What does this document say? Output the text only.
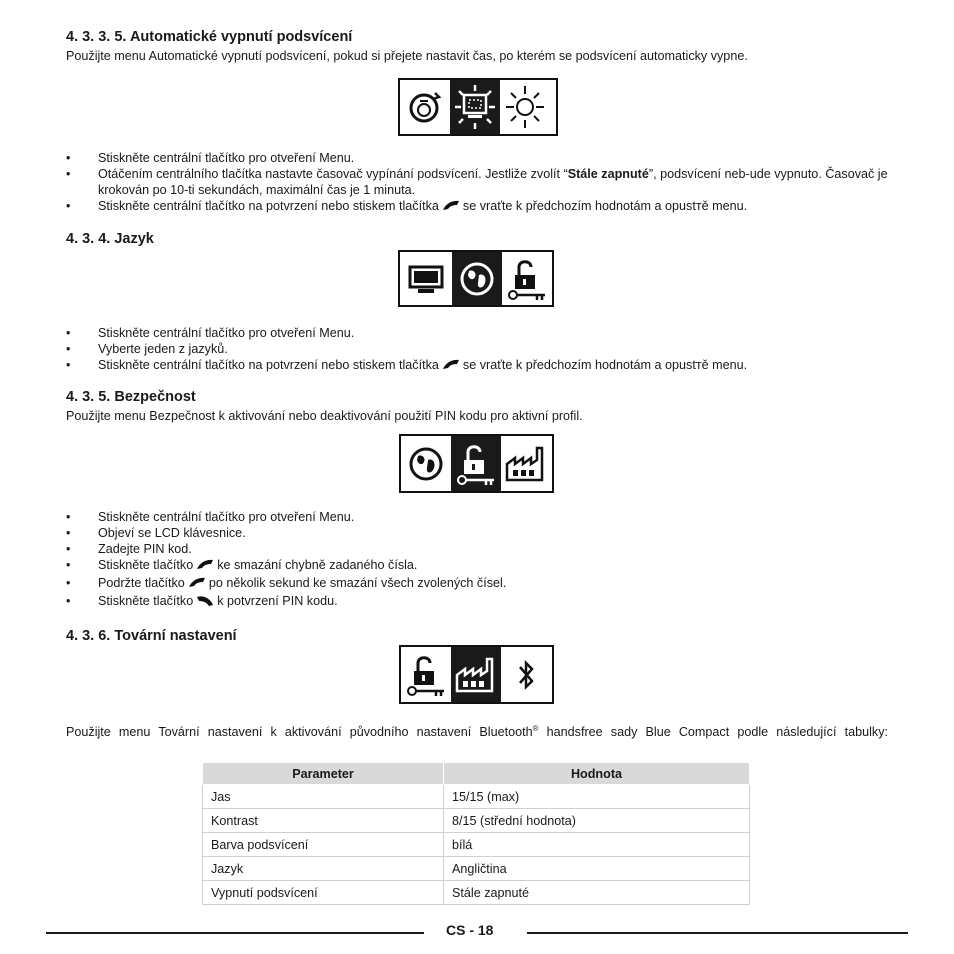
4. 3. 3. 5. Automatické vypnutí podsvícení

Použijte menu Automatické vypnutí podsvícení, pokud si přejete nastavit čas, po kterém se podsvícení automaticky vypne.

• Stiskněte centrální tlačítko pro otveření Menu.
• Otáčením centrálního tlačítka nastavte časovač vypínání podsvícení. Jestliže zvolít “Stále zapnuté”, podsvícení neb-ude vypnuto. Časovač je krokován po 10-ti sekundách, maximální čas je 1 minuta.
• Stiskněte centrální tlačítko na potvrzení nebo stiskem tlačítka se vraťte k předchozím hodnotám a opustтě menu.
4. 3. 4. Jazyk
• Stiskněte centrální tlačítko pro otveření Menu.
• Vyberte jeden z jazyků.
• Stiskněte centrální tlačítko na potvrzení nebo stiskem tlačítka se vraťte k předchozím hodnotám a opustтě menu.
4. 3. 5. Bezpečnost

Použijte menu Bezpečnost k aktivování nebo deaktivování použití PIN kodu pro aktivní profil.

• Stiskněte centrální tlačítko pro otveření Menu.
• Objeví se LCD klávesnice.
• Zadejte PIN kod.
• Stiskněte tlačítko ke smazání chybně zadaného čísla.
• Podržte tlačítko po několik sekund ke smazání všech zvolených čísel.
• Stiskněte tlačítko k potvrzení PIN kodu.
4. 3. 6. Tovární nastavení

Použijte menu Tovární nastavení k aktivování původního nastavení Bluetooth® handsfree sady Blue Compact podle následující tabulky:

Parameter	Hodnota
Jas	15/15 (max)
Kontrast	8/15 (střední hodnota)
Barva podsvícení	bílá
Jazyk	Angličtina
Vypnutí podsvícení	Stále zapnuté
CS - 18
